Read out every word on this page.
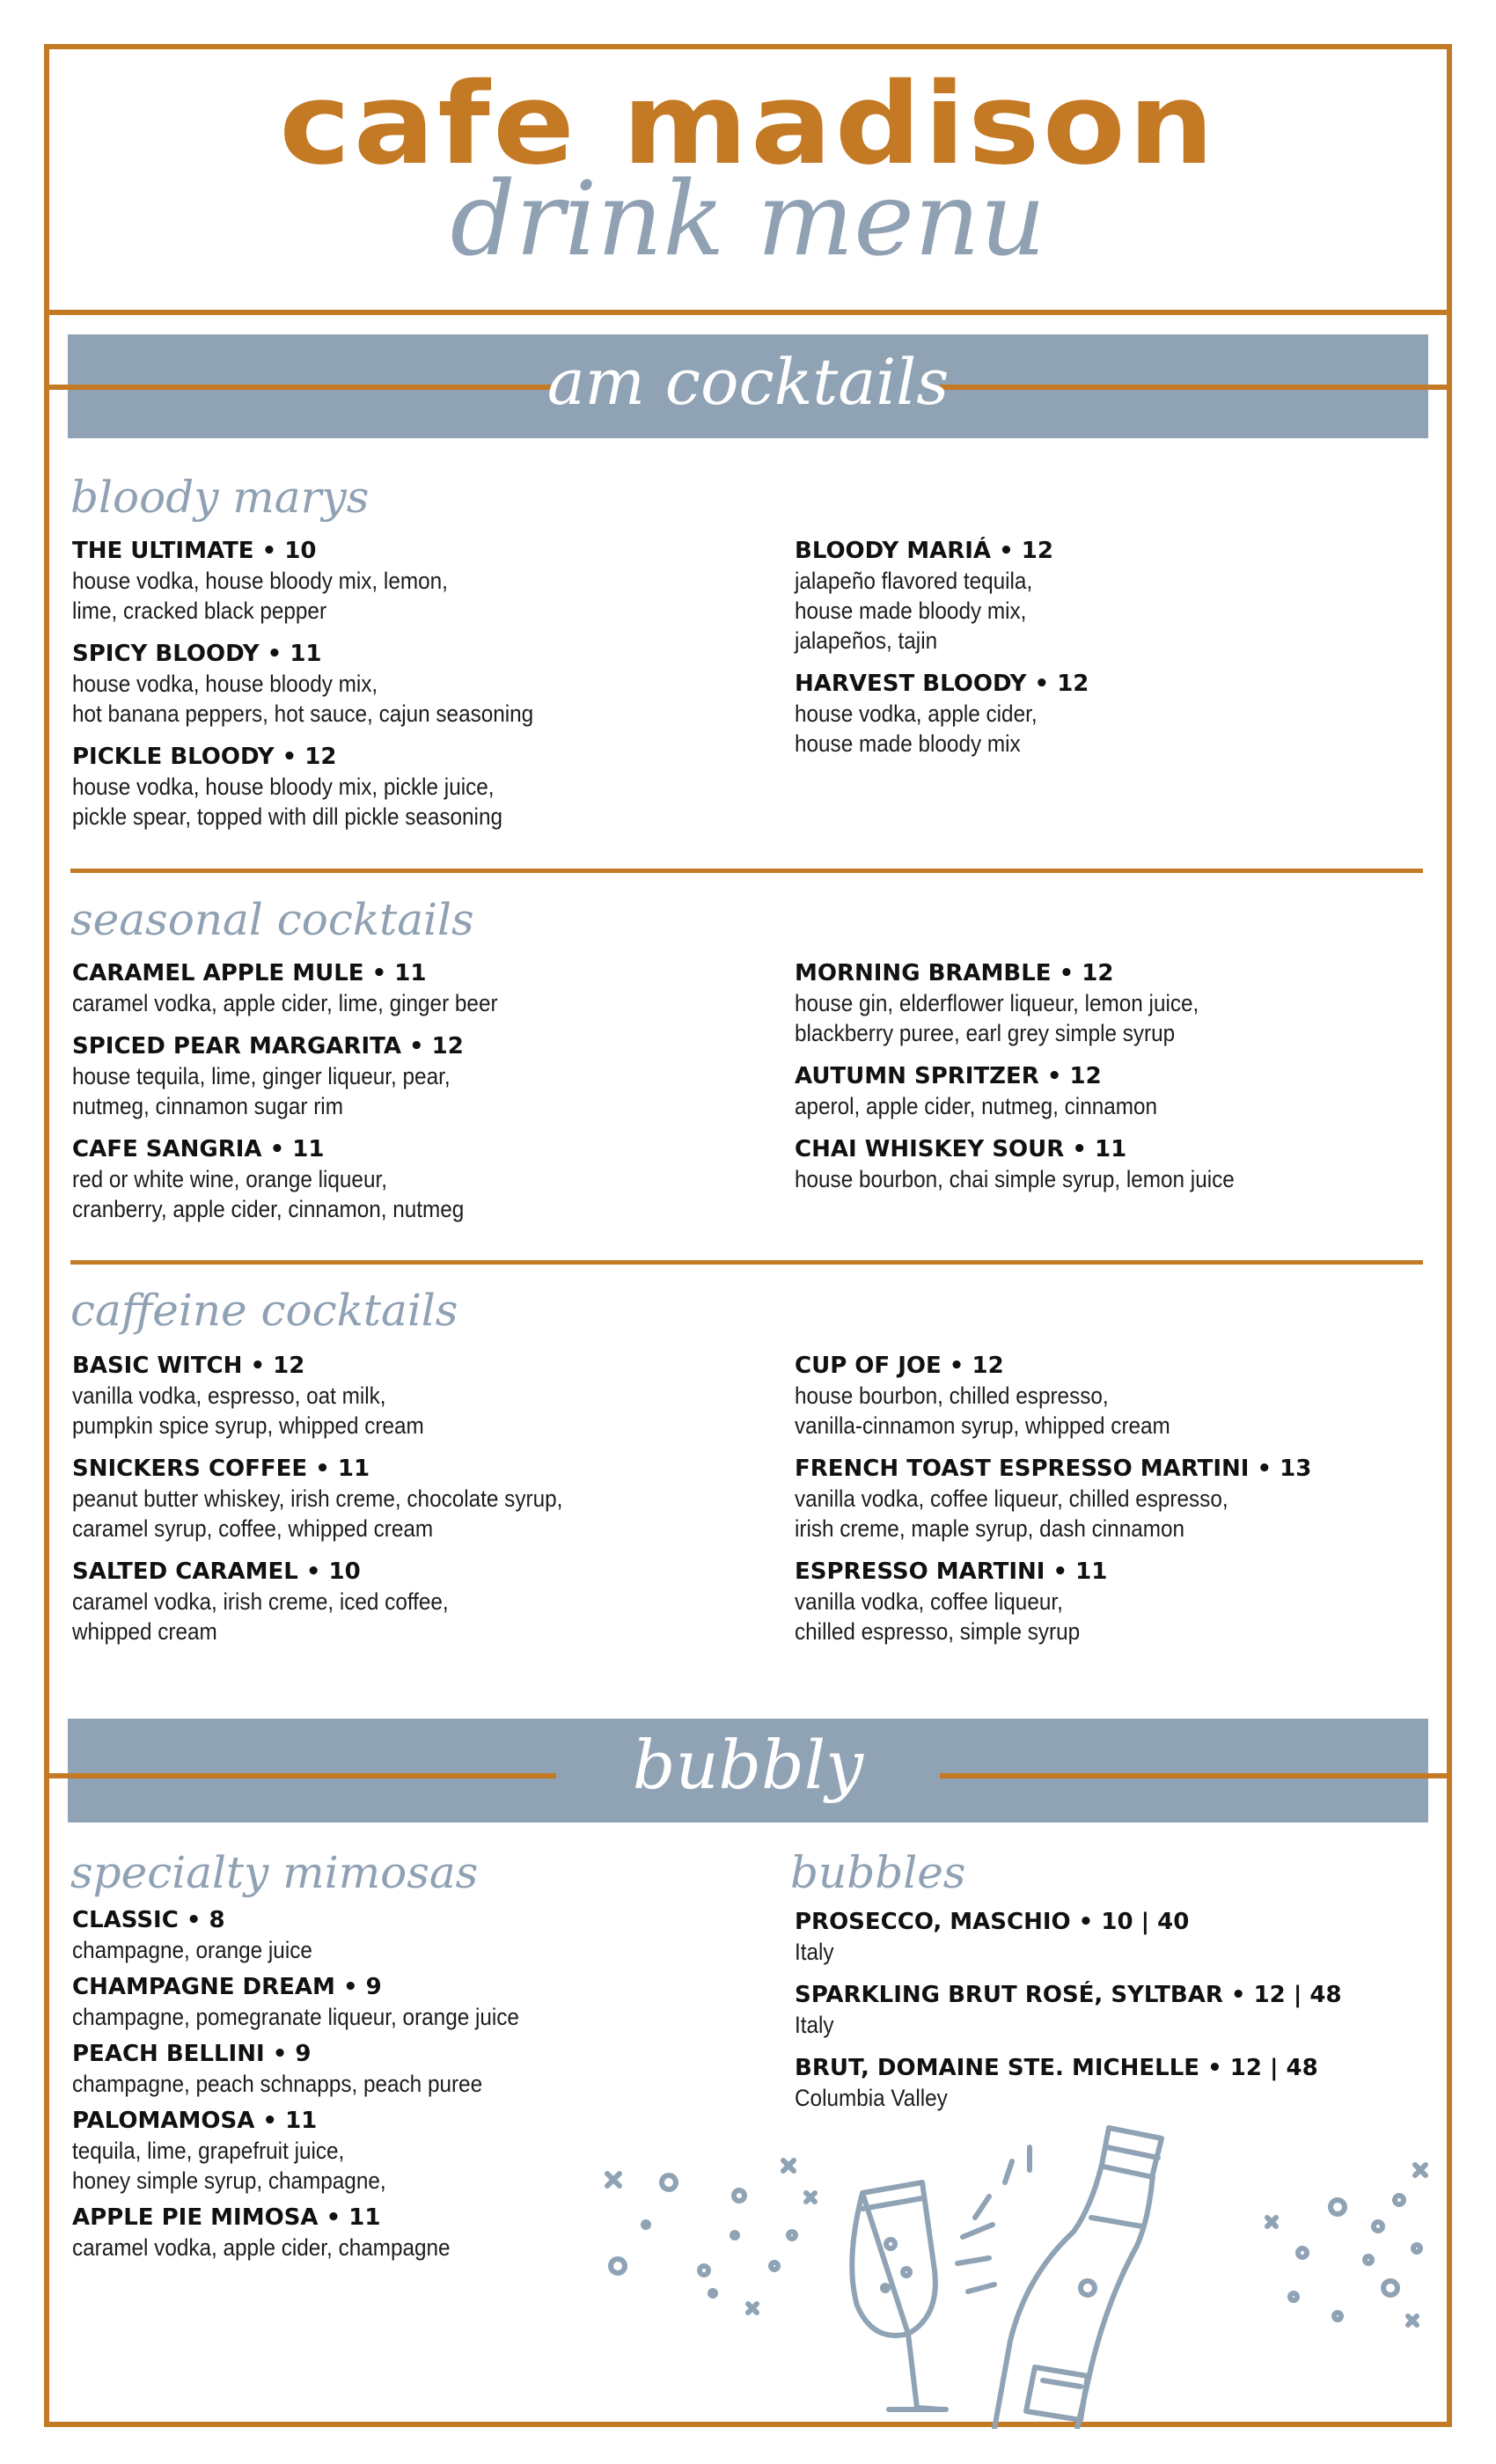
cafe madison
drink menu
am cocktails
bloody marys
THE ULTIMATE • 10
house vodka, house bloody mix, lemon,
lime, cracked black pepper
SPICY BLOODY • 11
house vodka, house bloody mix,
hot banana peppers, hot sauce, cajun seasoning
PICKLE BLOODY • 12
house vodka, house bloody mix, pickle juice,
pickle spear, topped with dill pickle seasoning
BLOODY MARIÁ • 12
jalapeño flavored tequila,
house made bloody mix,
jalapeños, tajin
HARVEST BLOODY • 12
house vodka, apple cider,
house made bloody mix
seasonal cocktails
CARAMEL APPLE MULE • 11
caramel vodka, apple cider, lime, ginger beer
SPICED PEAR MARGARITA • 12
house tequila, lime, ginger liqueur, pear,
nutmeg, cinnamon sugar rim
CAFE SANGRIA • 11
red or white wine, orange liqueur,
cranberry, apple cider, cinnamon, nutmeg
MORNING BRAMBLE • 12
house gin, elderflower liqueur, lemon juice,
blackberry puree, earl grey simple syrup
AUTUMN SPRITZER • 12
aperol, apple cider, nutmeg, cinnamon
CHAI WHISKEY SOUR • 11
house bourbon, chai simple syrup, lemon juice
caffeine cocktails
BASIC WITCH • 12
vanilla vodka, espresso, oat milk,
pumpkin spice syrup, whipped cream
SNICKERS COFFEE • 11
peanut butter whiskey, irish creme, chocolate syrup,
caramel syrup, coffee, whipped cream
SALTED CARAMEL • 10
caramel vodka, irish creme, iced coffee,
whipped cream
CUP OF JOE • 12
house bourbon, chilled espresso,
vanilla-cinnamon syrup, whipped cream
FRENCH TOAST ESPRESSO MARTINI • 13
vanilla vodka, coffee liqueur, chilled espresso,
irish creme, maple syrup, dash cinnamon
ESPRESSO MARTINI • 11
vanilla vodka, coffee liqueur,
chilled espresso, simple syrup
bubbly
specialty mimosas
CLASSIC • 8
champagne, orange juice
CHAMPAGNE DREAM • 9
champagne, pomegranate liqueur, orange juice
PEACH BELLINI • 9
champagne, peach schnapps, peach puree
PALOMAMOSA • 11
tequila, lime, grapefruit juice,
honey simple syrup, champagne,
APPLE PIE MIMOSA • 11
caramel vodka, apple cider, champagne
bubbles
PROSECCO, MASCHIO • 10 | 40
Italy
SPARKLING BRUT ROSÉ, SYLTBAR • 12 | 48
Italy
BRUT, DOMAINE STE. MICHELLE • 12 | 48
Columbia Valley
